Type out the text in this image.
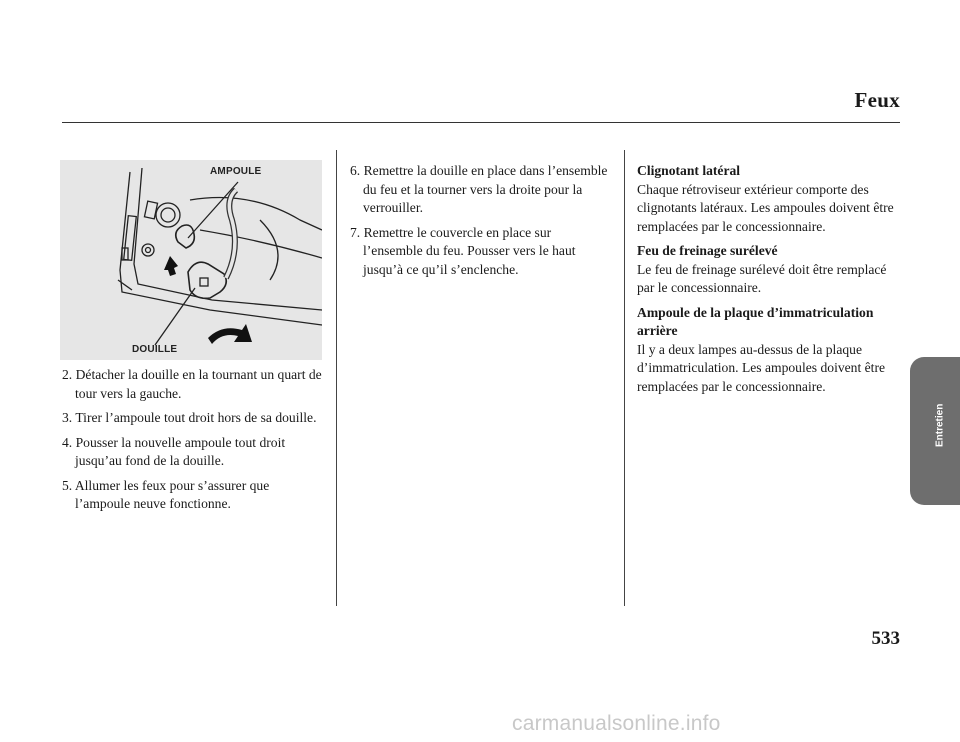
Feux
AMPOULE
DOUILLE

2. Détacher la douille en la tournant un quart de tour vers la gauche.

3. Tirer l’ampoule tout droit hors de sa douille.

4. Pousser la nouvelle ampoule tout droit jusqu’au fond de la douille.

5. Allumer les feux pour s’assurer que l’ampoule neuve fonctionne.

6. Remettre la douille en place dans l’ensemble du feu et la tourner vers la droite pour la verrouiller.

7. Remettre le couvercle en place sur l’ensemble du feu. Pousser vers le haut jusqu’à ce qu’il s’enclenche.

Clignotant latéral

Chaque rétroviseur extérieur comporte des clignotants latéraux. Les ampoules doivent être remplacées par le concessionnaire.

Feu de freinage surélevé

Le feu de freinage surélevé doit être remplacé par le concessionnaire.

Ampoule de la plaque d’immatriculation arrière

Il y a deux lampes au-dessus de la plaque d’immatriculation. Les ampoules doivent être remplacées par le concessionnaire.

Entretien
533
carmanualsonline.info
